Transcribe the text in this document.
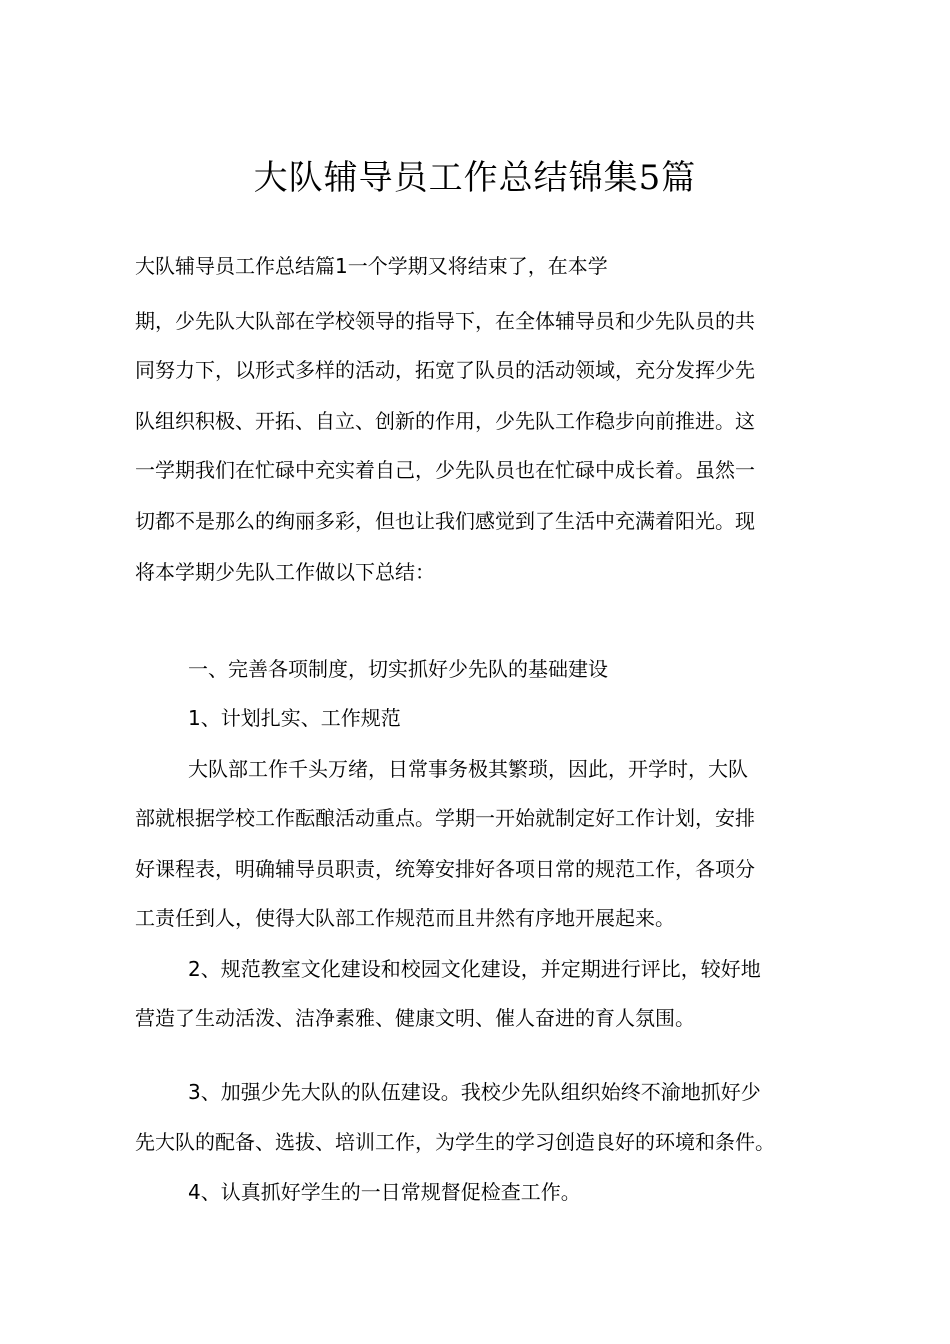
大队辅导员工作总结锦集5篇
大队辅导员工作总结篇1一个学期又将结束了，在本学
期，少先队大队部在学校领导的指导下，在全体辅导员和少先队员的共
同努力下，以形式多样的活动，拓宽了队员的活动领域，充分发挥少先
队组织积极、开拓、自立、创新的作用，少先队工作稳步向前推进。这
一学期我们在忙碌中充实着自己，少先队员也在忙碌中成长着。虽然一
切都不是那么的绚丽多彩，但也让我们感觉到了生活中充满着阳光。现
将本学期少先队工作做以下总结：
一、完善各项制度，切实抓好少先队的基础建设
1、计划扎实、工作规范
大队部工作千头万绪，日常事务极其繁琐，因此，开学时，大队
部就根据学校工作酝酿活动重点。学期一开始就制定好工作计划，安排
好课程表，明确辅导员职责，统筹安排好各项日常的规范工作，各项分
工责任到人，使得大队部工作规范而且井然有序地开展起来。
2、规范教室文化建设和校园文化建设，并定期进行评比，较好地
营造了生动活泼、洁净素雅、健康文明、催人奋进的育人氛围。
3、加强少先大队的队伍建设。我校少先队组织始终不渝地抓好少
先大队的配备、选拔、培训工作，为学生的学习创造良好的环境和条件。
4、认真抓好学生的一日常规督促检查工作。
